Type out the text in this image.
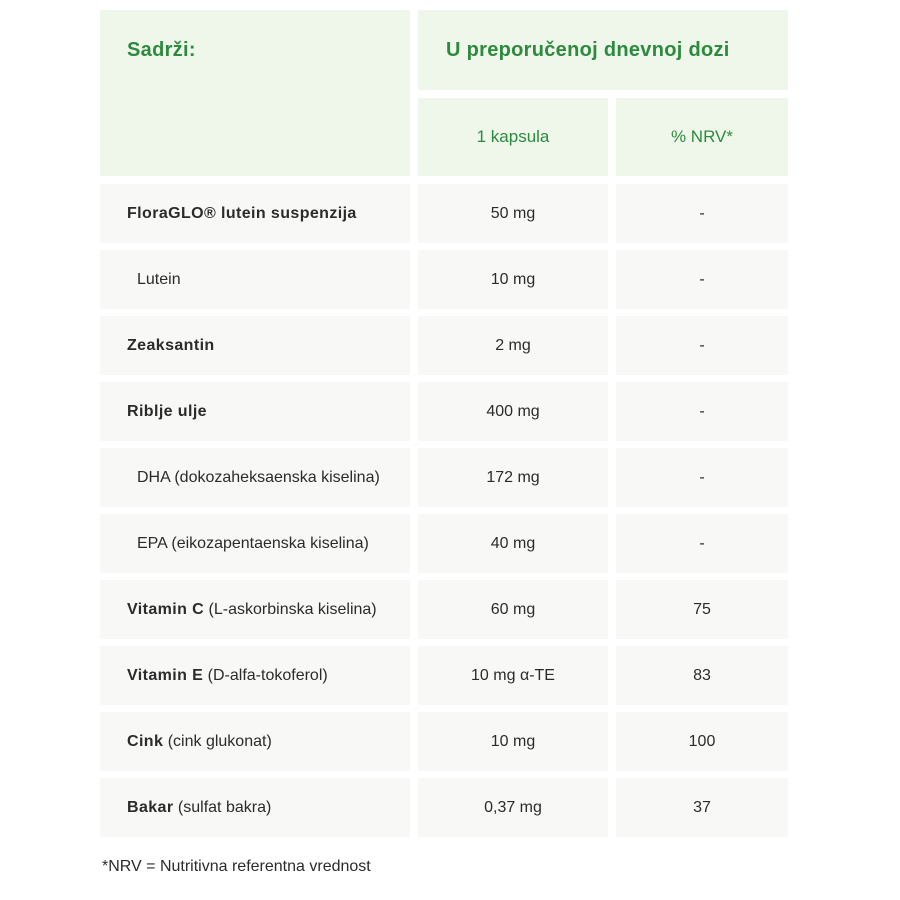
Sadrži:	U preporučenoj dnevnoj dozi
1 kapsula	% NRV*
FloraGLO® lutein suspenzija	50 mg	-
Lutein	10 mg	-
Zeaksantin	2 mg	-
Riblje ulje	400 mg	-
DHA (dokozaheksaenska kiselina)	172 mg	-
EPA (eikozapentaenska kiselina)	40 mg	-
Vitamin C (L-askorbinska kiselina)	60 mg	75
Vitamin E (D-alfa-tokoferol)	10 mg α-TE	83
Cink (cink glukonat)	10 mg	100
Bakar (sulfat bakra)	0,37 mg	37
*NRV = Nutritivna referentna vrednost
